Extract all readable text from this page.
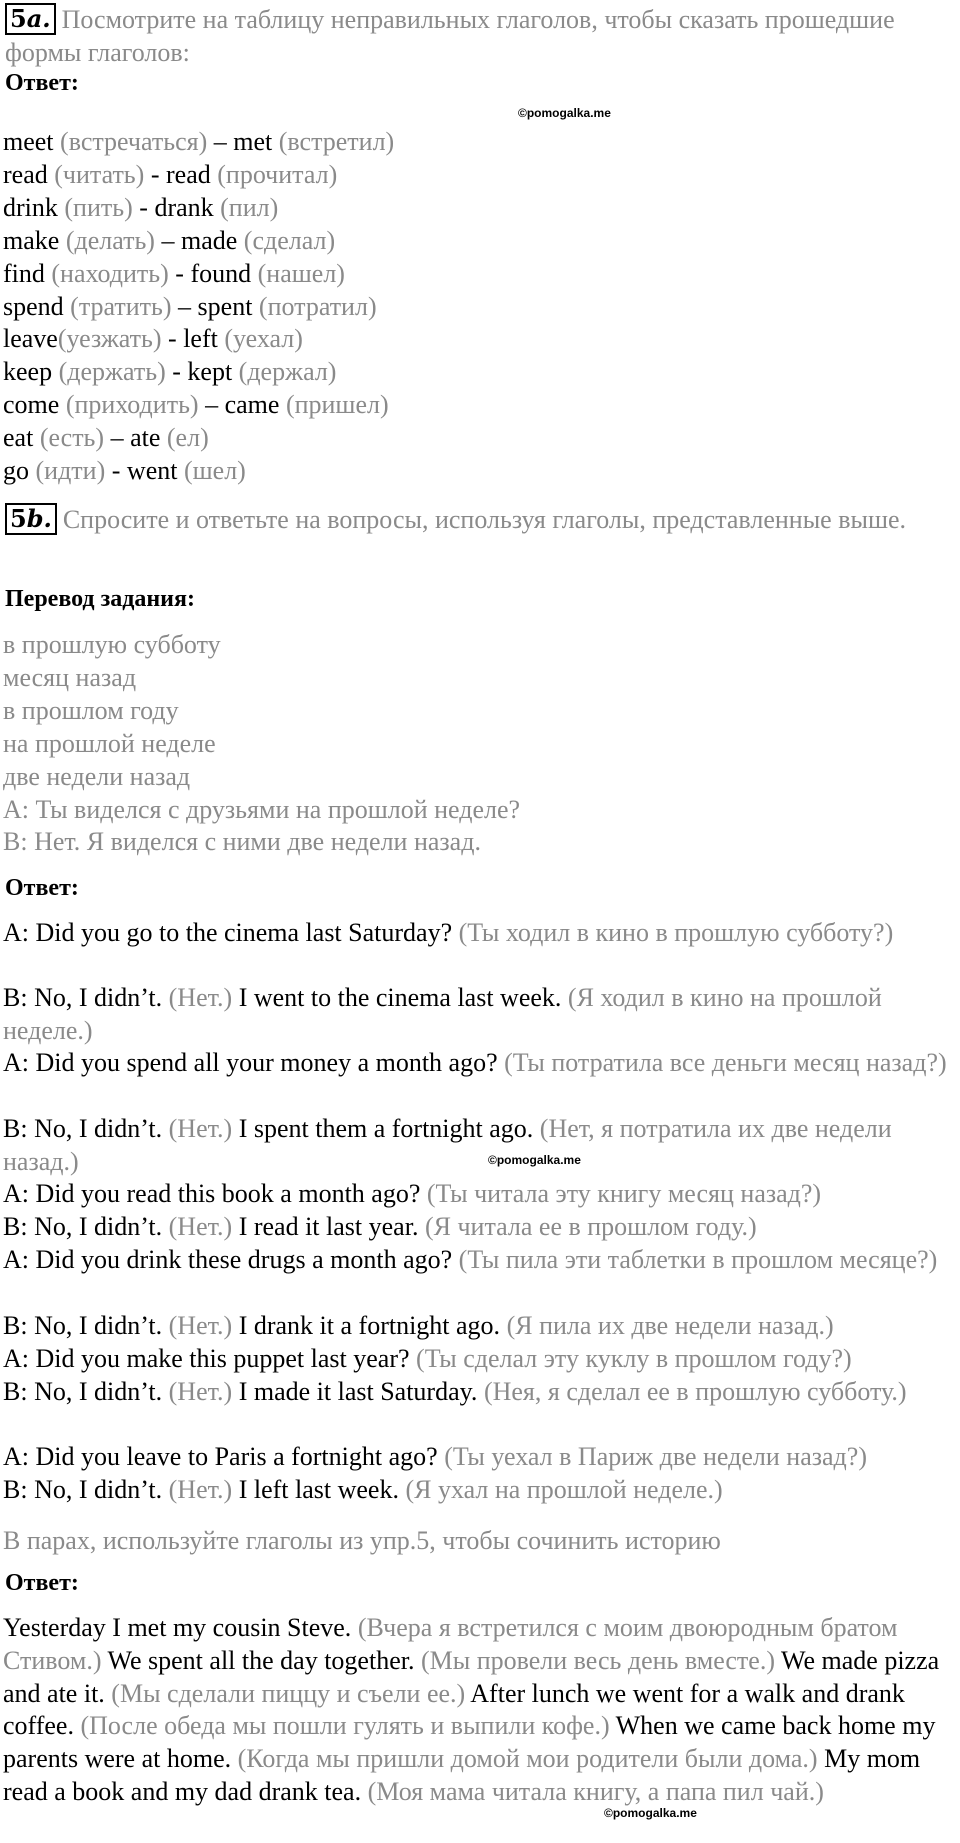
5a. Посмотрите на таблицу неправильных глаголов, чтобы сказать прошедшие формы глаголов:
Ответ:
©pomogalka.me
meet (встречаться) – met (встретил)
read (читать) - read (прочитал)
drink (пить) - drank (пил)
make (делать) – made (сделал)
find (находить) - found (нашел)
spend (тратить) – spent (потратил)
leave(уезжать) - left (уехал)
keep (держать) - kept (держал)
come (приходить) – came (пришел)
eat (есть) – ate (ел)
go (идти) - went (шел)
5b. Спросите и ответьте на вопросы, используя глаголы, представленные выше.
Перевод задания:
в прошлую субботу
месяц назад
в прошлом году
на прошлой неделе
две недели назад
А: Ты виделся с друзьями на прошлой неделе?
В: Нет. Я виделся с ними две недели назад.
Ответ:
A: Did you go to the cinema last Saturday? (Ты ходил в кино в прошлую субботу?)
B: No, I didn’t. (Нет.) I went to the cinema last week. (Я ходил в кино на прошлой неделе.)
A: Did you spend all your money a month ago? (Ты потратила все деньги месяц назад?)
B: No, I didn’t. (Нет.) I spent them a fortnight ago. (Нет, я потратила их две недели назад.)
A: Did you read this book a month ago? (Ты читала эту книгу месяц назад?)
B: No, I didn’t. (Нет.) I read it last year. (Я читала ее в прошлом году.)
A: Did you drink these drugs a month ago? (Ты пила эти таблетки в прошлом месяце?)
B: No, I didn’t. (Нет.) I drank it a fortnight ago. (Я пила их две недели назад.)
A: Did you make this puppet last year? (Ты сделал эту куклу в прошлом году?)
B: No, I didn’t. (Нет.) I made it last Saturday. (Нея, я сделал ее в прошлую субботу.)
A: Did you leave to Paris a fortnight ago? (Ты уехал в Париж две недели назад?)
B: No, I didn’t. (Нет.) I left last week. (Я ухал на прошлой неделе.)
©pomogalka.me
В парах, используйте глаголы из упр.5, чтобы сочинить историю
Ответ:
Yesterday I met my cousin Steve. (Вчера я встретился с моим двоюродным братом Стивом.) We spent all the day together. (Мы провели весь день вместе.) We made pizza and ate it. (Мы сделали пиццу и съели ее.) After lunch we went for a walk and drank coffee. (После обеда мы пошли гулять и выпили кофе.) When we came back home my parents were at home. (Когда мы пришли домой мои родители были дома.) My mom read a book and my dad drank tea. (Моя мама читала книгу, а папа пил чай.)
©pomogalka.me
